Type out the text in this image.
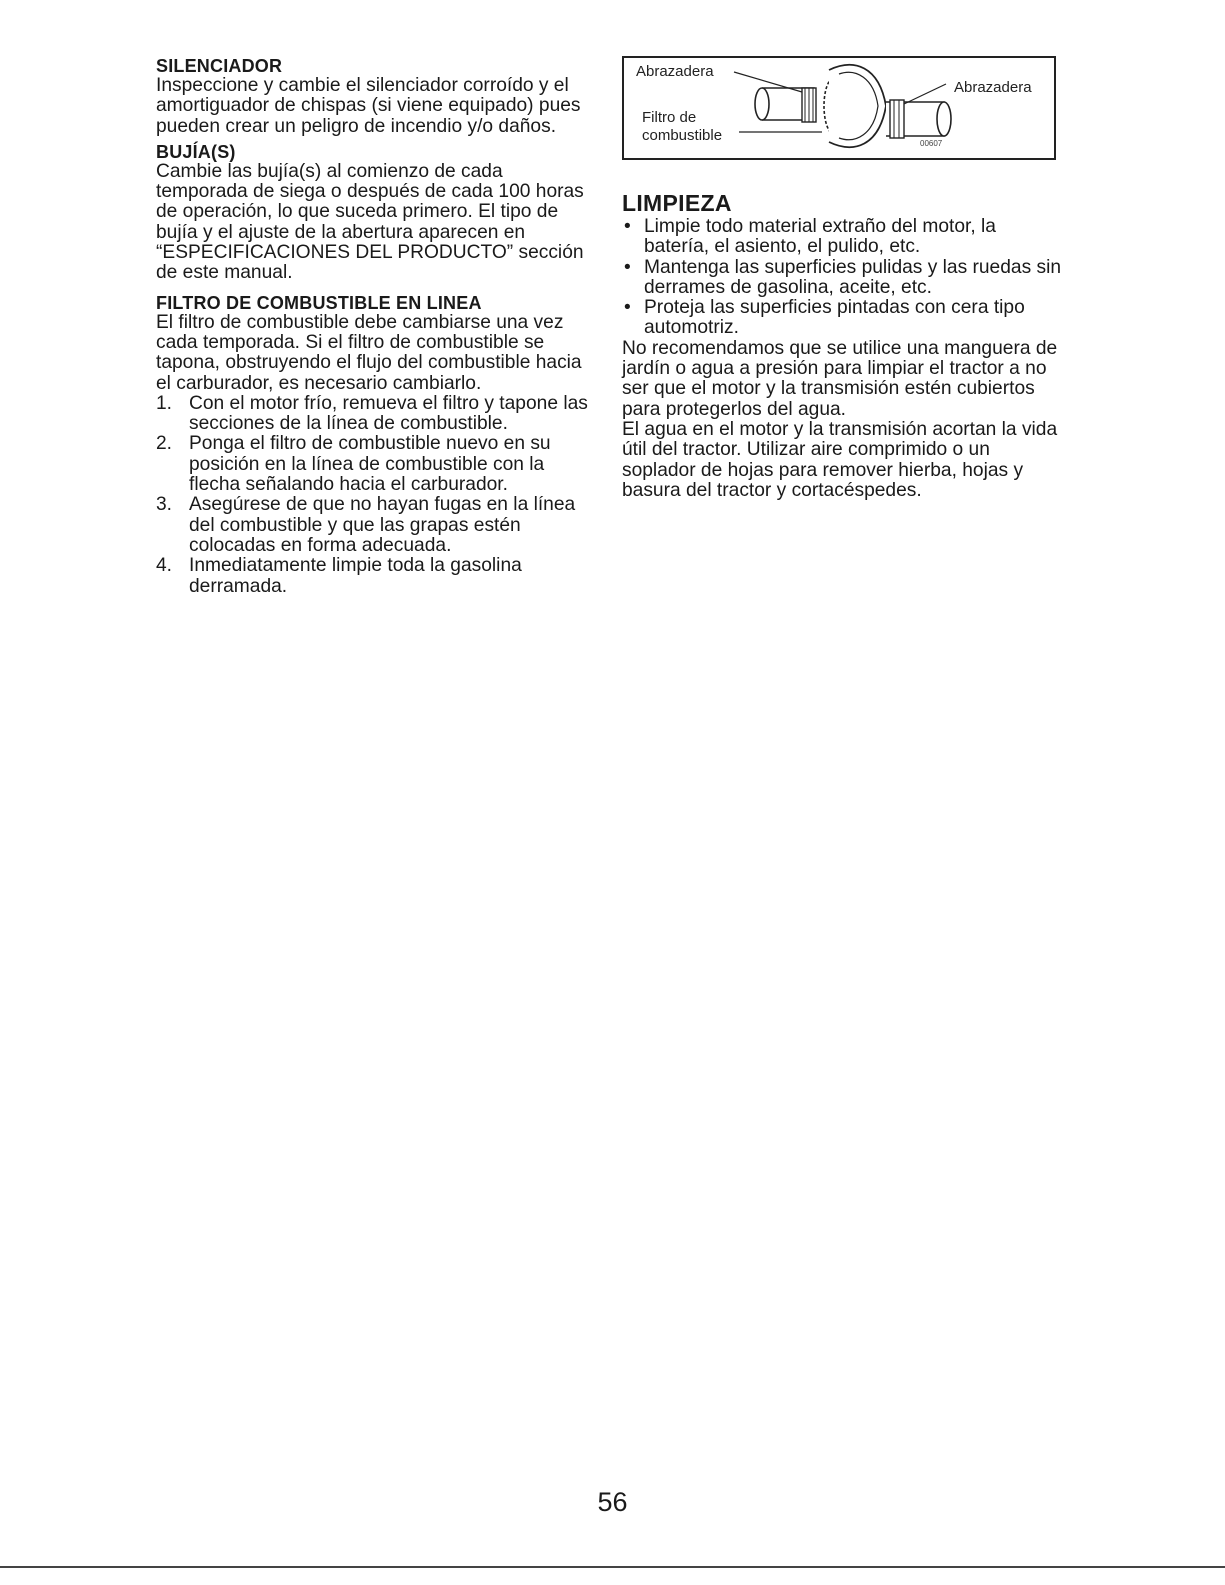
SILENCIADOR

Inspeccione y cambie el silenciador corroído y el amortiguador de chispas (si viene equipado) pues pueden crear un peligro de incendio y/o daños.

BUJÍA(S)

Cambie las bujía(s) al comienzo de cada temporada de siega o después de cada 100 horas de operación, lo que suceda primero. El tipo de bujía y el ajuste de la abertura aparecen en “ESPECIFICACIONES DEL PRODUCTO” sección de este manual.

FILTRO DE COMBUSTIBLE EN LINEA

El filtro de combustible debe cambiarse una vez cada temporada. Si el filtro de combustible se tapona, obstruyendo el flujo del combustible hacia el carburador, es necesario cambiarlo.

1. Con el motor frío, remueva el filtro y tapone las secciones de la línea de combustible.
2. Ponga el filtro de combustible nuevo en su posición en la línea de combustible con la flecha señalando hacia el carburador.
3. Asegúrese de que no hayan fugas en la línea del combustible y que las grapas estén colocadas en forma adecuada.
4. Inmediatamente limpie toda la gasolina derramada.
Abrazadera
Abrazadera
Filtro de
combustible	00607
LIMPIEZA
• Limpie todo material extraño del motor, la batería, el asiento, el pulido, etc.
• Mantenga las superficies pulidas y las ruedas sin derrames de gasolina, aceite, etc.
• Proteja las superficies pintadas con cera tipo automotriz.

No recomendamos que se utilice una manguera de jardín o agua a presión para limpiar el tractor a no ser que el motor y la transmisión estén cubiertos para protegerlos del agua.

El agua en el motor y la transmisión acortan la vida útil del tractor. Utilizar aire comprimido o un soplador de hojas para remover hierba, hojas y basura del tractor y cortacéspedes.

56
